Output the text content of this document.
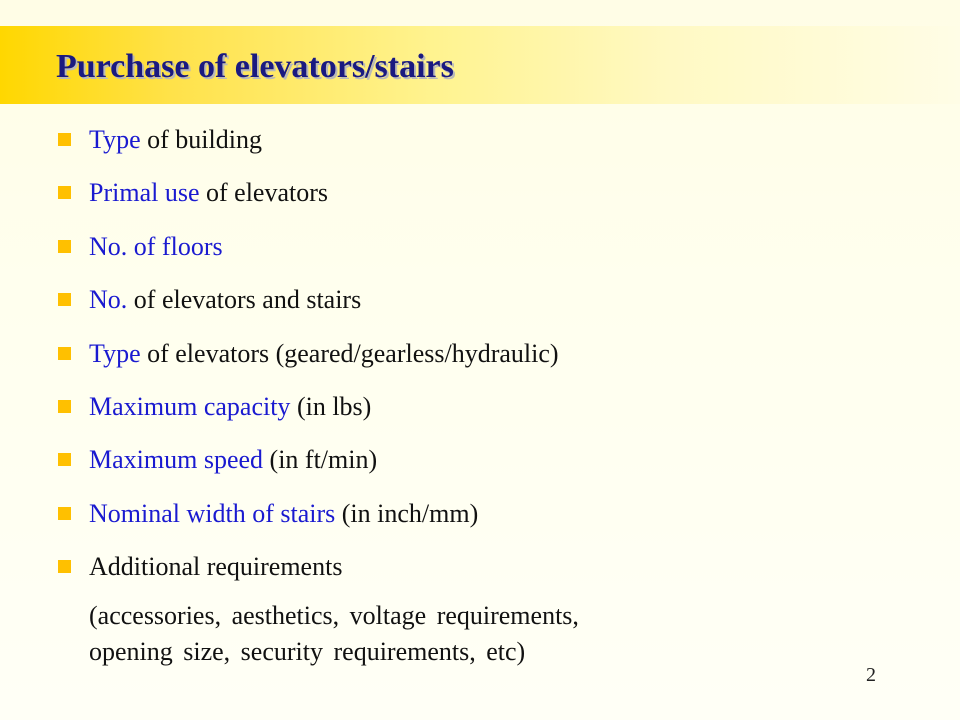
Purchase of elevators/stairs
Type of building
Primal use of elevators
No. of floors
No. of elevators and stairs
Type of elevators (geared/gearless/hydraulic)
Maximum capacity (in lbs)
Maximum speed (in ft/min)
Nominal width of stairs (in inch/mm)
Additional requirements

(accessories, aesthetics, voltage requirements,
opening size, security requirements, etc)

2
